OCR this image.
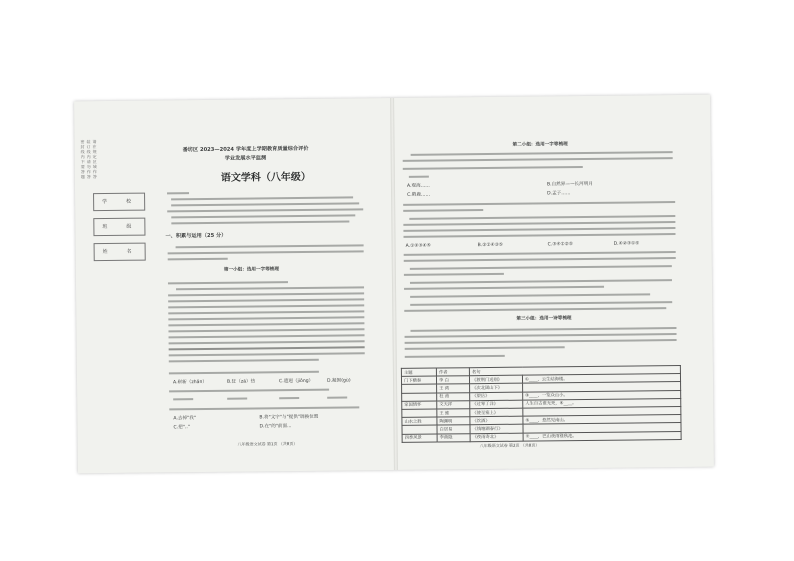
密封线内不要答题
装订线内请勿作答
请在规定区域作答
学	校
班	级
姓	名
番坊区 2023—2024 学年度上学期教育质量综合评价
学业发展水平监测
语文学科（八年级）
一、积累与运用（25 分）
第一小组：选用一字等梳理
A.崭新（zhǎn）	B.狂（zā）热	C.遗迥（jiǒng）	D.凝固(gù)
A.去掉"我"	B.将"文字"与"提供"调换位置
C.把".."	D.在"的"前面...
八年级语文试卷 第1页 （共8页）
第二小组：选用一字等梳理
A.观海……	B.自然界——长河明月
C.鹤鹿……	D.孟子……
A.①②③④⑤	B.②①④③⑤	C.③④①②⑤	D.④②③①⑤
第三小组：选用一诗等梳理
主题	作者	名句	
门下横秦	李 白	《渡荆门送别》	①____，云生结海楼。
	王 湾	《次北固山下》	
	杜 甫	《望岳》	③____，一览众山小。
家国情怀	文天祥	《过零丁洋》	人生自古谁无死，④____。
	王 维	《使至塞上》	
山水之胜	陶渊明	《饮酒》	⑤____，悠然见南山。
	白居易	《钱塘湖春行》	
四季风景	李商隐	《夜雨寄北》	⑦____，巴山夜雨涨秋池。
八年级语文试卷 第2页 （共8页）
